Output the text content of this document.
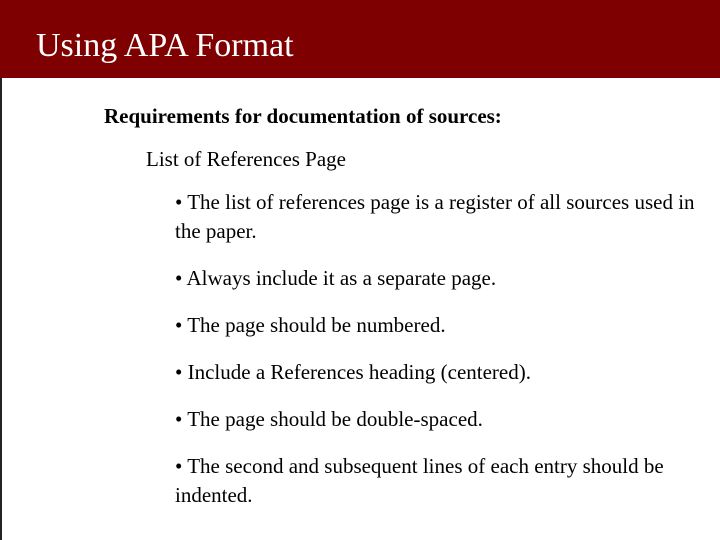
Using APA Format
Requirements for documentation of sources:
List of References Page
• The list of references page is a register of all sources used in the paper.
• Always include it as a separate page.
• The page should be numbered.
• Include a References heading (centered).
• The page should be double-spaced.
• The second and subsequent lines of each entry should be indented.
